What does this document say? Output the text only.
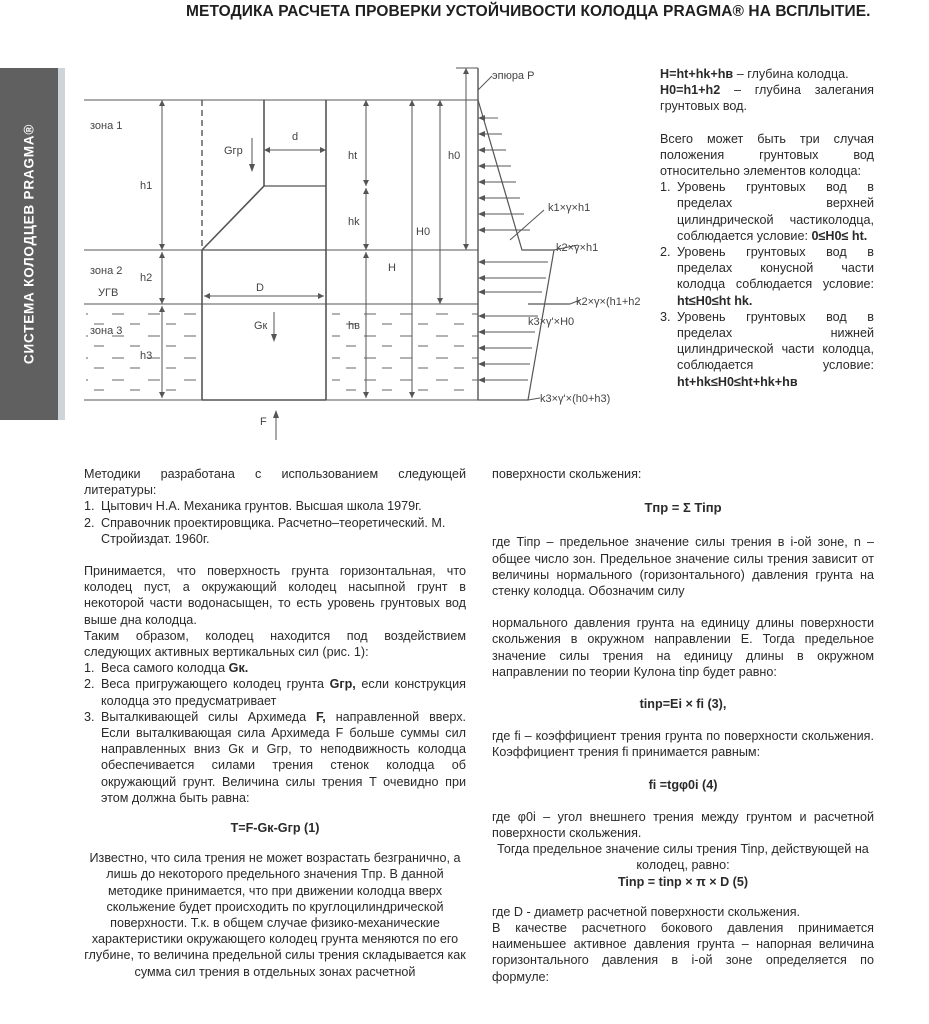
МЕТОДИКА РАСЧЕТА ПРОВЕРКИ УСТОЙЧИВОСТИ КОЛОДЦА PRAGMA® НА ВСПЛЫТИЕ.
СИСТЕМА КОЛОДЦЕВ PRAGMA®	зона 1
зона 2
УГВ
зона 3
эпюра P
h1
h2
h3
ht
hk
hв
H0
H
h0
d
D
Gгр
Gк
F
k1×γ×h1
k2×γ×h1
k2×γ×(h1+h2
k3×γ'×H0
k3×γ'×(h0+h3)
H=ht+hk+hв – глубина колодца.
H0=h1+h2 – глубина залегания грунтовых вод.
Всего может быть три случая положения грунтовых вод относительно элементов колодца:
1. Уровень грунтовых вод в пределах верхней цилиндрической частиколодца, соблюдается условие: 0≤H0≤ ht.
2. Уровень грунтовых вод в пределах конусной части колодца соблюдается условие: ht≤H0≤ht hk.
3. Уровень грунтовых вод в пределах нижней цилиндрической части колодца, соблюдается условие: ht+hk≤H0≤ht+hk+hв

Методики разработана с использованием следующей литературы:

1. Цытович Н.А. Механика грунтов. Высшая школа 1979г.
2. Справочник проектировщика. Расчетно–теоретический. М. Стройиздат. 1960г.

Принимается, что поверхность грунта горизонтальная, что колодец пуст, а окружающий колодец насыпной грунт в некоторой части водонасыщен, то есть уровень грунтовых вод выше дна колодца.

Таким образом, колодец находится под воздействием следующих активных вертикальных сил (рис. 1):

1. Веса самого колодца Gк.
2. Веса пригружающего колодец грунта Gгр, если конструкция колодца это предусматривает
3. Выталкивающей силы Архимеда F, направленной вверх. Если выталкивающая сила Архимеда F больше суммы сил направленных вниз Gк и Gгр, то неподвижность колодца обеспечивается силами трения стенок колодца об окружающий грунт. Величина силы трения T очевидно при этом должна быть равна:

T=F-Gк-Gгр (1)

Известно, что сила трения не может возрастать безгранично, а лишь до некоторого предельного значения Tпр. В данной методике принимается, что при движении колодца вверх скольжение будет происходить по круглоцилиндрической поверхности. Т.к. в общем случае физико-механические характеристики окружающего колодец грунта меняются по его глубине, то величина предельной силы трения складывается как сумма сил трения в отдельных зонах расчетной

поверхности скольжения:

Tпр = Σ Tiпр

где Tiпр – предельное значение силы трения в i-ой зоне, n – общее число зон. Предельное значение силы трения зависит от величины нормального (горизонтального) давления грунта на стенку колодца. Обозначим силу

нормального давления грунта на единицу длины поверхности скольжения в окружном направлении E. Тогда предельное значение силы трения на единицу длины в окружном направлении по теории Кулона tinp будет равно:

tinp=Ei × fi (3),

где fi – коэффициент трения грунта по поверхности скольжения. Коэффициент трения fi принимается равным:

fi =tgφ0i (4)

где φ0i – угол внешнего трения между грунтом и расчетной поверхности скольжения.

Тогда предельное значение силы трения Tinp, действующей на колодец, равно:

Tinp = tinp × π × D (5)

где D - диаметр расчетной поверхности скольжения.

В качестве расчетного бокового давления принимается наименьшее активное давления грунта – напорная величина горизонтального давления в i-ой зоне определяется по формуле:
